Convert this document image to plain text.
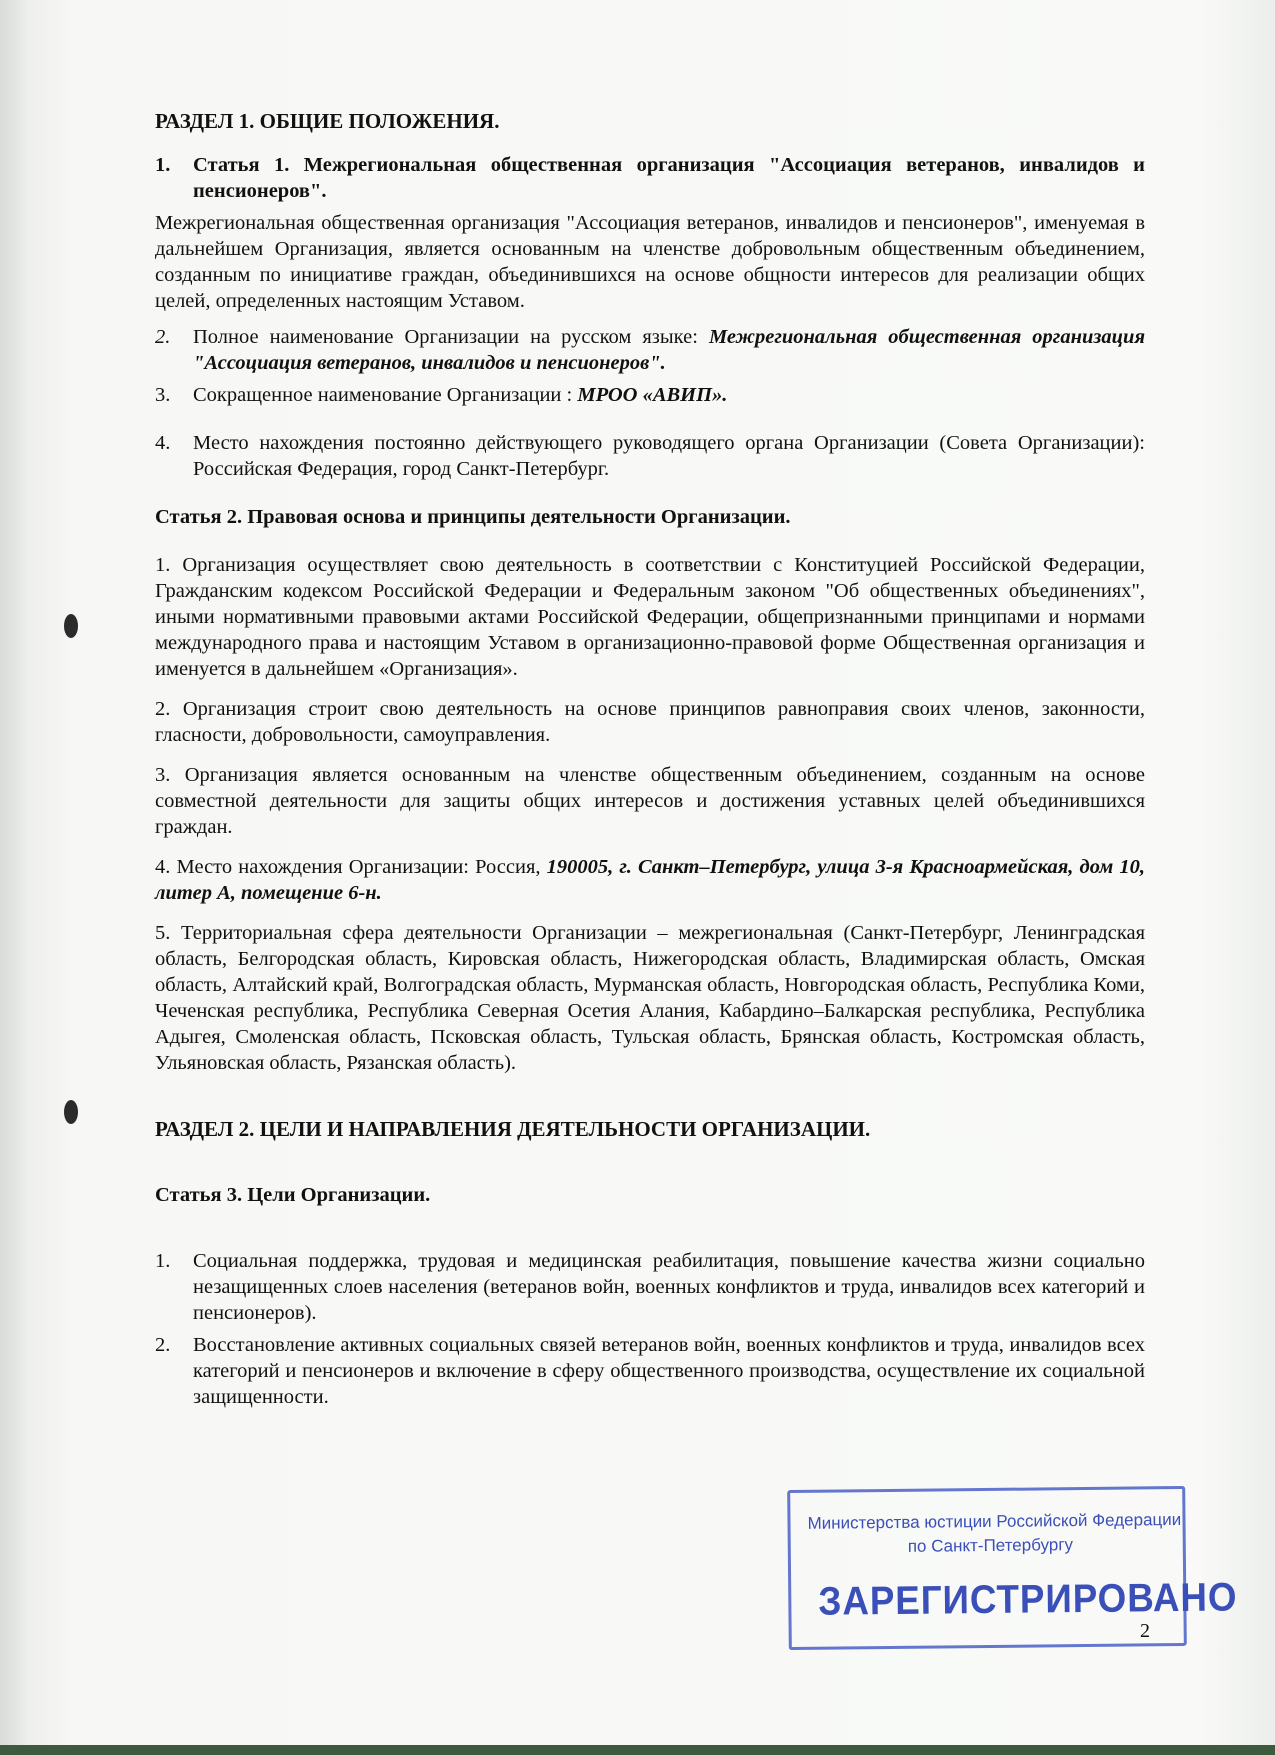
РАЗДЕЛ 1. ОБЩИЕ ПОЛОЖЕНИЯ.
1.	Статья 1. Межрегиональная общественная организация "Ассоциация ветеранов, инвалидов и пенсионеров".

Межрегиональная общественная организация "Ассоциация ветеранов, инвалидов и пенсионеров", именуемая в дальнейшем Организация, является основанным на членстве добровольным общественным объединением, созданным по инициативе граждан, объединившихся на основе общности интересов для реализации общих целей, определенных настоящим Уставом.

2.	Полное наименование Организации на русском языке: Межрегиональная общественная организация "Ассоциация ветеранов, инвалидов и пенсионеров".
3.	Сокращенное наименование Организации : МРОО «АВИП».
4.	Место нахождения постоянно действующего руководящего органа Организации (Совета Организации): Российская Федерация, город Санкт-Петербург.
Статья 2. Правовая основа и принципы деятельности Организации.

1. Организация осуществляет свою деятельность в соответствии с Конституцией Российской Федерации, Гражданским кодексом Российской Федерации и Федеральным законом "Об общественных объединениях", иными нормативными правовыми актами Российской Федерации, общепризнанными принципами и нормами международного права и настоящим Уставом в организационно-правовой форме Общественная организация и именуется в дальнейшем «Организация».

2. Организация строит свою деятельность на основе принципов равноправия своих членов, законности, гласности, добровольности, самоуправления.

3. Организация является основанным на членстве общественным объединением, созданным на основе совместной деятельности для защиты общих интересов и достижения уставных целей объединившихся граждан.

4. Место нахождения Организации: Россия, 190005, г. Санкт–Петербург, улица 3-я Красноармейская, дом 10, литер А, помещение 6-н.

5. Территориальная сфера деятельности Организации – межрегиональная (Санкт-Петербург, Ленинградская область, Белгородская область, Кировская область, Нижегородская область, Владимирская область, Омская область, Алтайский край, Волгоградская область, Мурманская область, Новгородская область, Республика Коми, Чеченская республика, Республика Северная Осетия Алания, Кабардино–Балкарская республика, Республика Адыгея, Смоленская область, Псковская область, Тульская область, Брянская область, Костромская область, Ульяновская область, Рязанская область).

РАЗДЕЛ 2. ЦЕЛИ И НАПРАВЛЕНИЯ ДЕЯТЕЛЬНОСТИ ОРГАНИЗАЦИИ.
Статья 3. Цели Организации.
1.	Социальная поддержка, трудовая и медицинская реабилитация, повышение качества жизни социально незащищенных слоев населения (ветеранов войн, военных конфликтов и труда, инвалидов всех категорий и пенсионеров).
2.	Восстановление активных социальных связей ветеранов войн, военных конфликтов и труда, инвалидов всех категорий и пенсионеров и включение в сферу общественного производства, осуществление их социальной защищенности.
Министерства юстиции Российской Федерации
по Санкт-Петербургу
ЗАРЕГИСТРИРОВАНО
2
